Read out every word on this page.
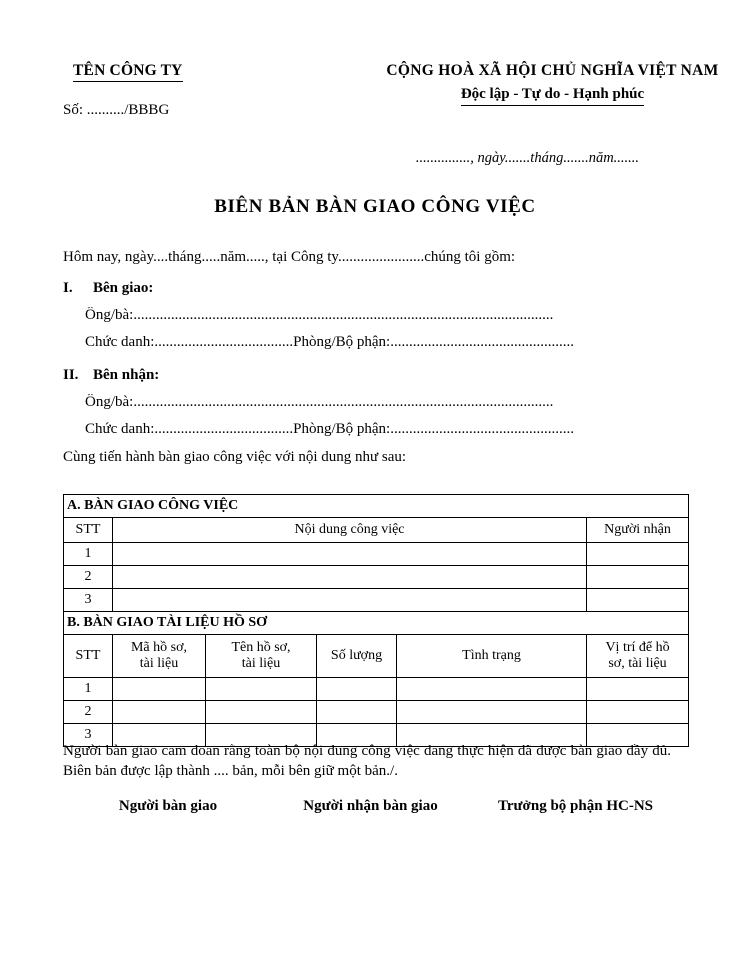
TÊN CÔNG TY
Số: ........../BBBG
CỘNG HOÀ XÃ HỘI CHỦ NGHĨA VIỆT NAM
Độc lập - Tự do - Hạnh phúc
..............., ngày.......tháng.......năm.......
BIÊN BẢN BÀN GIAO CÔNG VIỆC

Hôm nay, ngày....tháng.....năm....., tại Công ty.......................chúng tôi gồm:

I.	Bên giao:
Ông/bà:................................................................................................................
Chức danh:.....................................Phòng/Bộ phận:.................................................
II. Bên nhận:
Ông/bà:................................................................................................................
Chức danh:.....................................Phòng/Bộ phận:.................................................

Cùng tiến hành bàn giao công việc với nội dung như sau:

A. BÀN GIAO CÔNG VIỆC					
STT	Nội dung công việc				Người nhận
1					
2					
3					
B. BÀN GIAO TÀI LIỆU HỒ SƠ					
STT	Mã hồ sơ,
tài liệu	Tên hồ sơ,
tài liệu	Số lượng	Tình trạng	Vị trí để hồ
sơ, tài liệu
1					
2					
3					
Người bàn giao cam đoan rằng toàn bộ nội dung công việc đang thực hiện đã được bàn giao đầy đủ. Biên bản được lập thành .... bản, mỗi bên giữ một bản./.
Người bàn giao	Người nhận bàn giao	Trưởng bộ phận HC-NS
